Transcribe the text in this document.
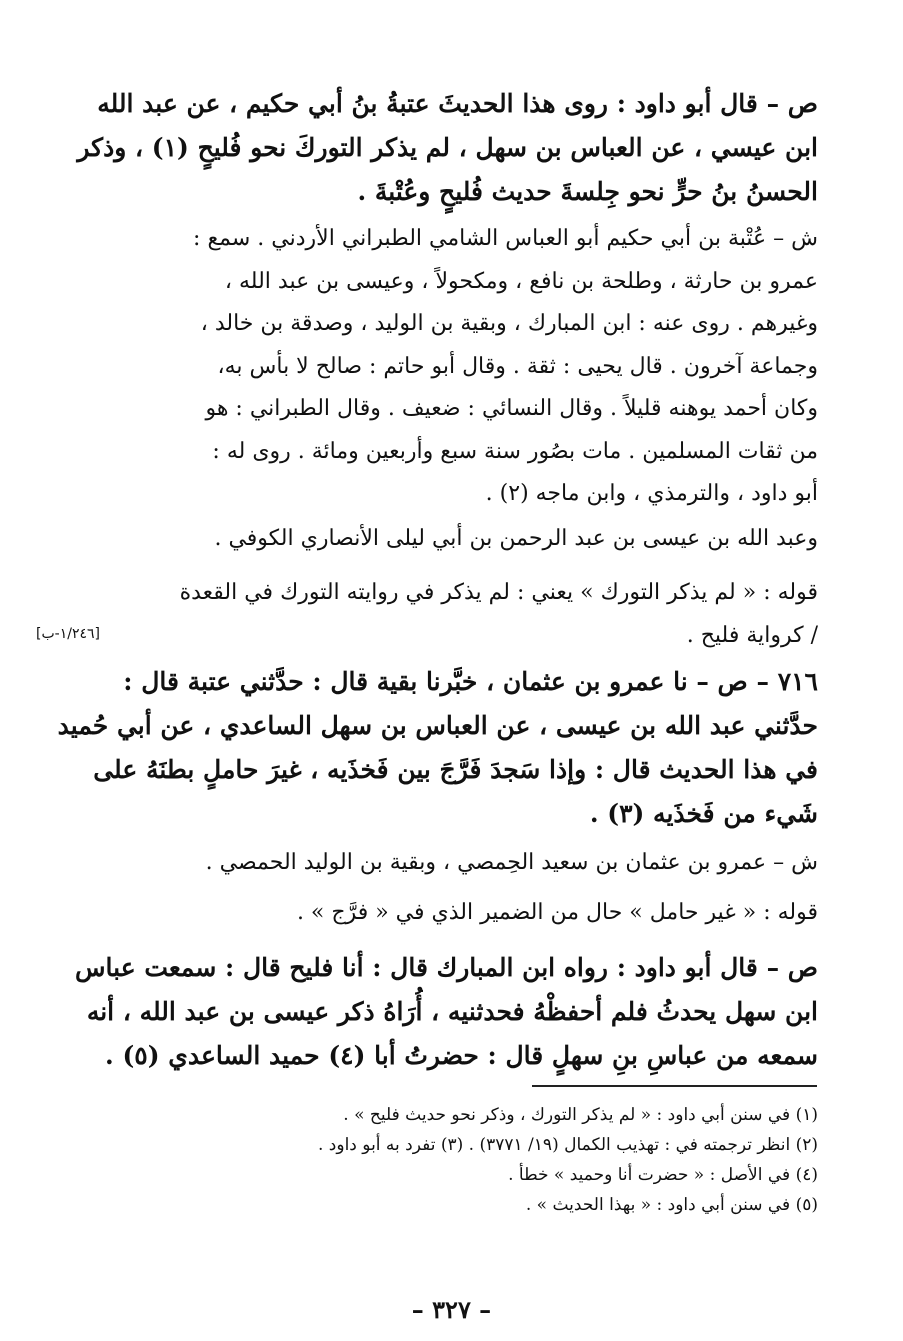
ص – قال أبو داود : روى هذا الحديثَ عتبةُ بنُ أبي حكيم ، عن عبد الله
ابن عيسي ، عن العباس بن سهل ، لم يذكر التوركَ نحو فُليحٍ (١) ، وذكر
الحسنُ بنُ حرٍّ نحو جِلسةَ حديث فُليحٍ وعُتْبةَ .
ش – عُتْبة بن أبي حكيم أبو العباس الشامي الطبراني الأردني . سمع :
عمرو بن حارثة ، وطلحة بن نافع ، ومكحولاً ، وعيسى بن عبد الله ،
وغيرهم . روى عنه : ابن المبارك ، وبقية بن الوليد ، وصدقة بن خالد ،
وجماعة آخرون . قال يحيى : ثقة . وقال أبو حاتم : صالح لا بأس به،
وكان أحمد يوهنه قليلاً . وقال النسائي : ضعيف . وقال الطبراني : هو
من ثقات المسلمين . مات بصُور سنة سبع وأربعين ومائة . روى له :
أبو داود ، والترمذي ، وابن ماجه (٢) .
وعبد الله بن عيسى بن عبد الرحمن بن أبي ليلى الأنصاري الكوفي .
قوله : « لم يذكر التورك » يعني : لم يذكر في روايته التورك في القعدة
/ كرواية فليح .
٧١٦ – ص – نا عمرو بن عثمان ، خبَّرنا بقية قال : حدَّثني عتبة قال :
حدَّثني عبد الله بن عيسى ، عن العباس بن سهل الساعدي ، عن أبي حُميد
في هذا الحديث قال : وإذا سَجدَ فَرَّجَ بين فَخذَيه ، غيرَ حاملٍ بطنَهُ على
شَيء من فَخذَيه (٣) .
ش – عمرو بن عثمان بن سعيد الحِمصي ، وبقية بن الوليد الحمصي .
قوله : « غير حامل » حال من الضمير الذي في « فرَّج » .
ص – قال أبو داود : رواه ابن المبارك قال : أنا فليح قال : سمعت عباس
ابن سهل يحدثُ فلم أحفظْهُ فحدثنيه ، أُرَاهُ ذكر عيسى بن عبد الله ، أنه
سمعه من عباسِ بنِ سهلٍ قال : حضرتُ أبا (٤) حميد الساعدي (٥) .
[١/٢٤٦-ب]
(١) في سنن أبي داود : « لم يذكر التورك ، وذكر نحو حديث فليح » .
(٢) انظر ترجمته في : تهذيب الكمال (١٩/ ٣٧٧١) . (٣) تفرد به أبو داود .
(٤) في الأصل : « حضرت أنا وحميد » خطأ .
(٥) في سنن أبي داود : « بهذا الحديث » .
– ٣٢٧ –
